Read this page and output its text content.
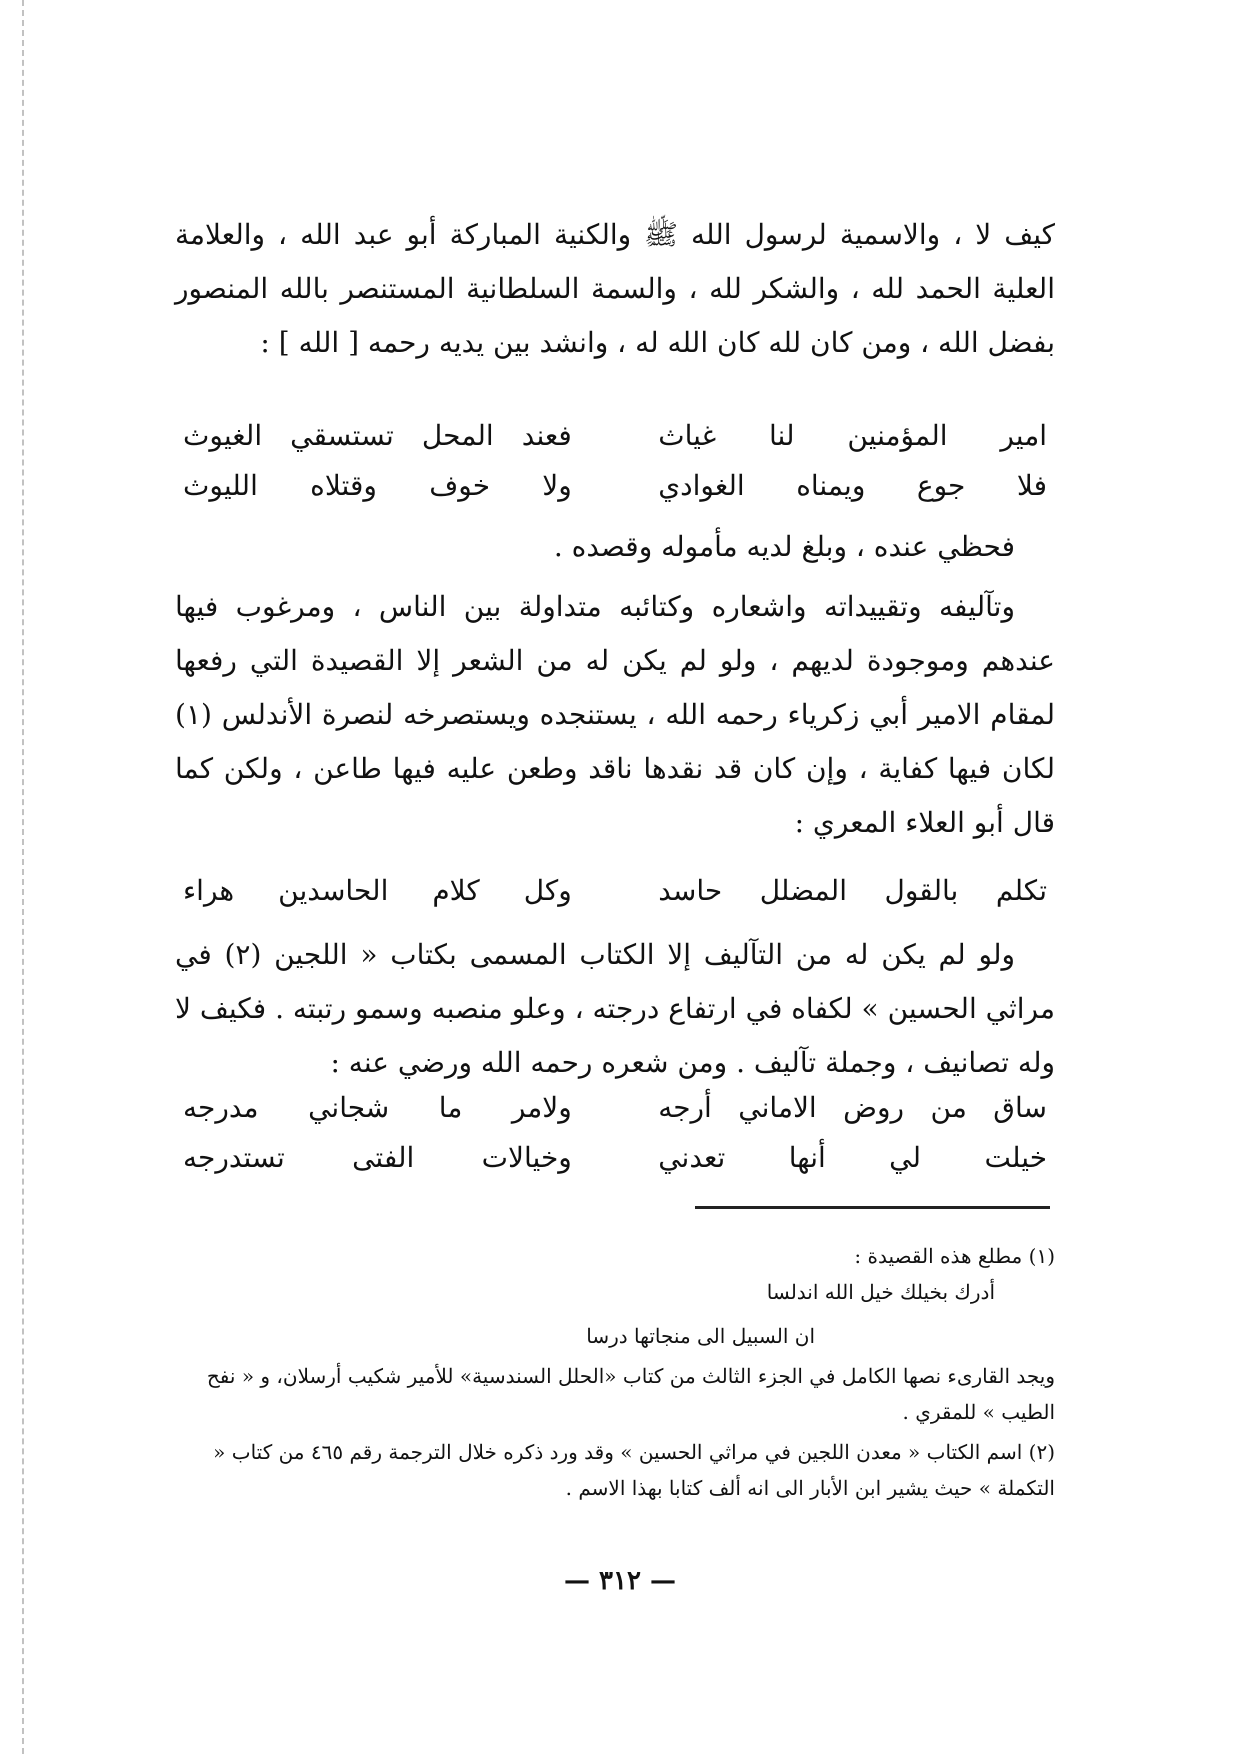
كيف لا ، والاسمية لرسول الله ﷺ والكنية المباركة أبو عبد الله ، والعلامة العلية الحمد لله ، والشكر لله ، والسمة السلطانية المستنصر بالله المنصور بفضل الله ، ومن كان لله كان الله له ، وانشد بين يديه رحمه [ الله ] :

امير المؤمنين لنا غياث
فعند المحل تستسقي الغيوث
فلا جوع ويمناه الغوادي
ولا خوف وقتلاه الليوث

فحظي عنده ، وبلغ لديه مأموله وقصده .

وتآليفه وتقييداته واشعاره وكتائبه متداولة بين الناس ، ومرغوب فيها عندهم وموجودة لديهم ، ولو لم يكن له من الشعر إلا القصيدة التي رفعها لمقام الامير أبي زكرياء رحمه الله ، يستنجده ويستصرخه لنصرة الأندلس (١) لكان فيها كفاية ، وإن كان قد نقدها ناقد وطعن عليه فيها طاعن ، ولكن كما قال أبو العلاء المعري :

تكلم بالقول المضلل حاسد
وكل كلام الحاسدين هراء

ولو لم يكن له من التآليف إلا الكتاب المسمى بكتاب « اللجين (٢) في مراثي الحسين » لكفاه في ارتفاع درجته ، وعلو منصبه وسمو رتبته . فكيف لا وله تصانيف ، وجملة تآليف . ومن شعره رحمه الله ورضي عنه :

ساق من روض الاماني أرجه
ولامر ما شجاني مدرجه
خيلت لي أنها تعدني
وخيالات الفتى تستدرجه

(١) مطلع هذه القصيدة :

أدرك بخيلك خيل الله اندلسا

ان السبيل الى منجاتها درسا

ويجد القارىء نصها الكامل في الجزء الثالث من كتاب «الحلل السندسية» للأمير شكيب أرسلان، و « نفح الطيب » للمقري .

(٢) اسم الكتاب « معدن اللجين في مراثي الحسين » وقد ورد ذكره خلال الترجمة رقم ٤٦٥ من كتاب « التكملة » حيث يشير ابن الأبار الى انه ألف كتابا بهذا الاسم .

— ٣١٢ —
